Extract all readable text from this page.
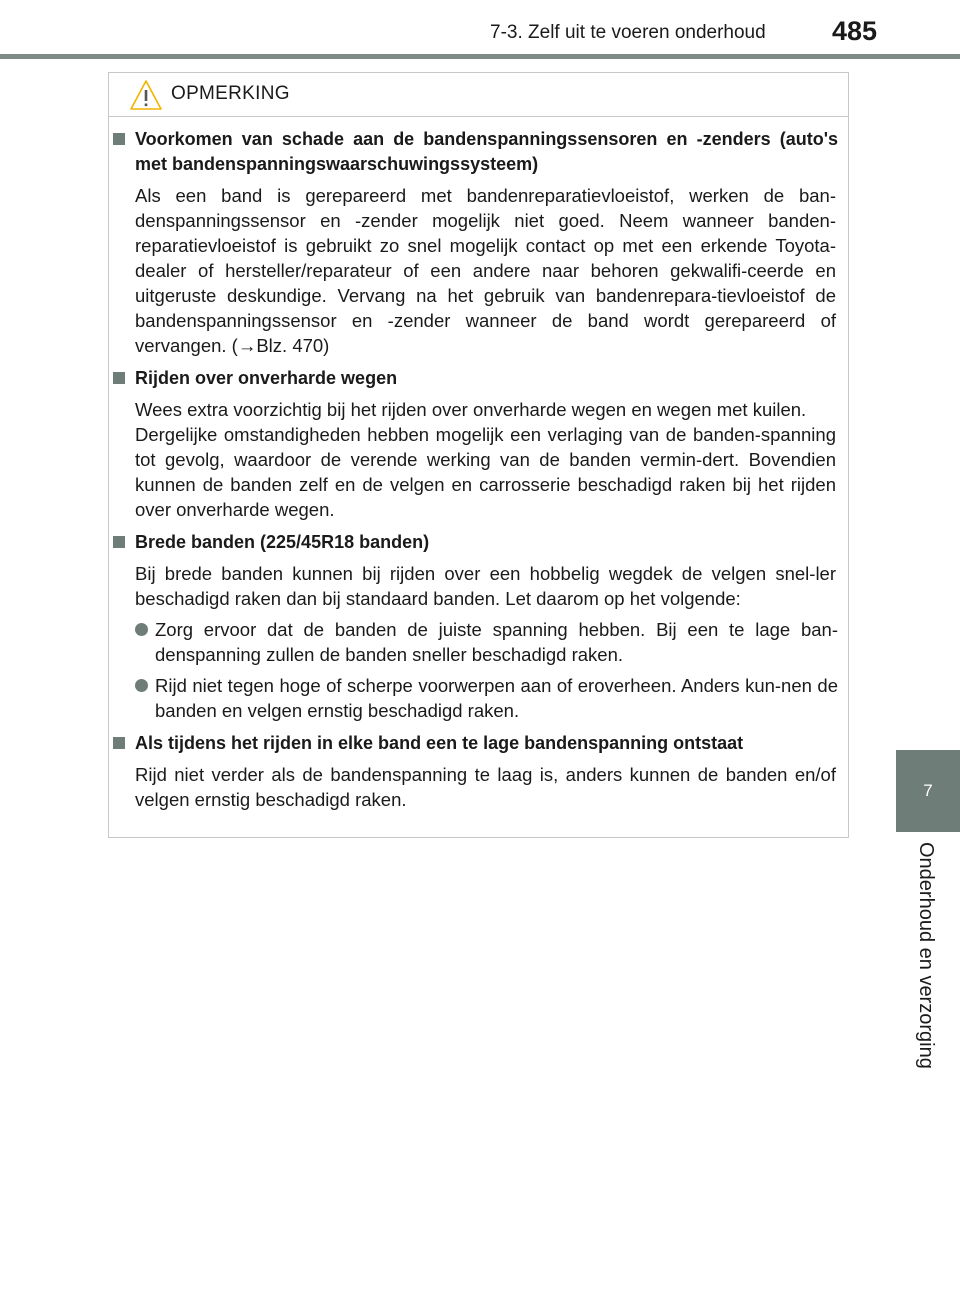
7-3. Zelf uit te voeren onderhoud 485
7
Onderhoud en verzorging
OPMERKING
Voorkomen van schade aan de bandenspanningssensoren en -zenders (auto's met bandenspanningswaarschuwingssysteem)
Als een band is gerepareerd met bandenreparatievloeistof, werken de ban-denspanningssensor en -zender mogelijk niet goed. Neem wanneer banden-reparatievloeistof is gebruikt zo snel mogelijk contact op met een erkende Toyota-dealer of hersteller/reparateur of een andere naar behoren gekwalifi-ceerde en uitgeruste deskundige. Vervang na het gebruik van bandenrepara-tievloeistof de bandenspanningssensor en -zender wanneer de band wordt gerepareerd of vervangen. (→Blz. 470)
Rijden over onverharde wegen
Wees extra voorzichtig bij het rijden over onverharde wegen en wegen met kuilen.
Dergelijke omstandigheden hebben mogelijk een verlaging van de banden-spanning tot gevolg, waardoor de verende werking van de banden vermin-dert. Bovendien kunnen de banden zelf en de velgen en carrosserie beschadigd raken bij het rijden over onverharde wegen.
Brede banden (225/45R18 banden)
Bij brede banden kunnen bij rijden over een hobbelig wegdek de velgen snel-ler beschadigd raken dan bij standaard banden. Let daarom op het volgende:
Zorg ervoor dat de banden de juiste spanning hebben. Bij een te lage ban-denspanning zullen de banden sneller beschadigd raken.
Rijd niet tegen hoge of scherpe voorwerpen aan of eroverheen. Anders kun-nen de banden en velgen ernstig beschadigd raken.
Als tijdens het rijden in elke band een te lage bandenspanning ontstaat
Rijd niet verder als de bandenspanning te laag is, anders kunnen de banden en/of velgen ernstig beschadigd raken.
